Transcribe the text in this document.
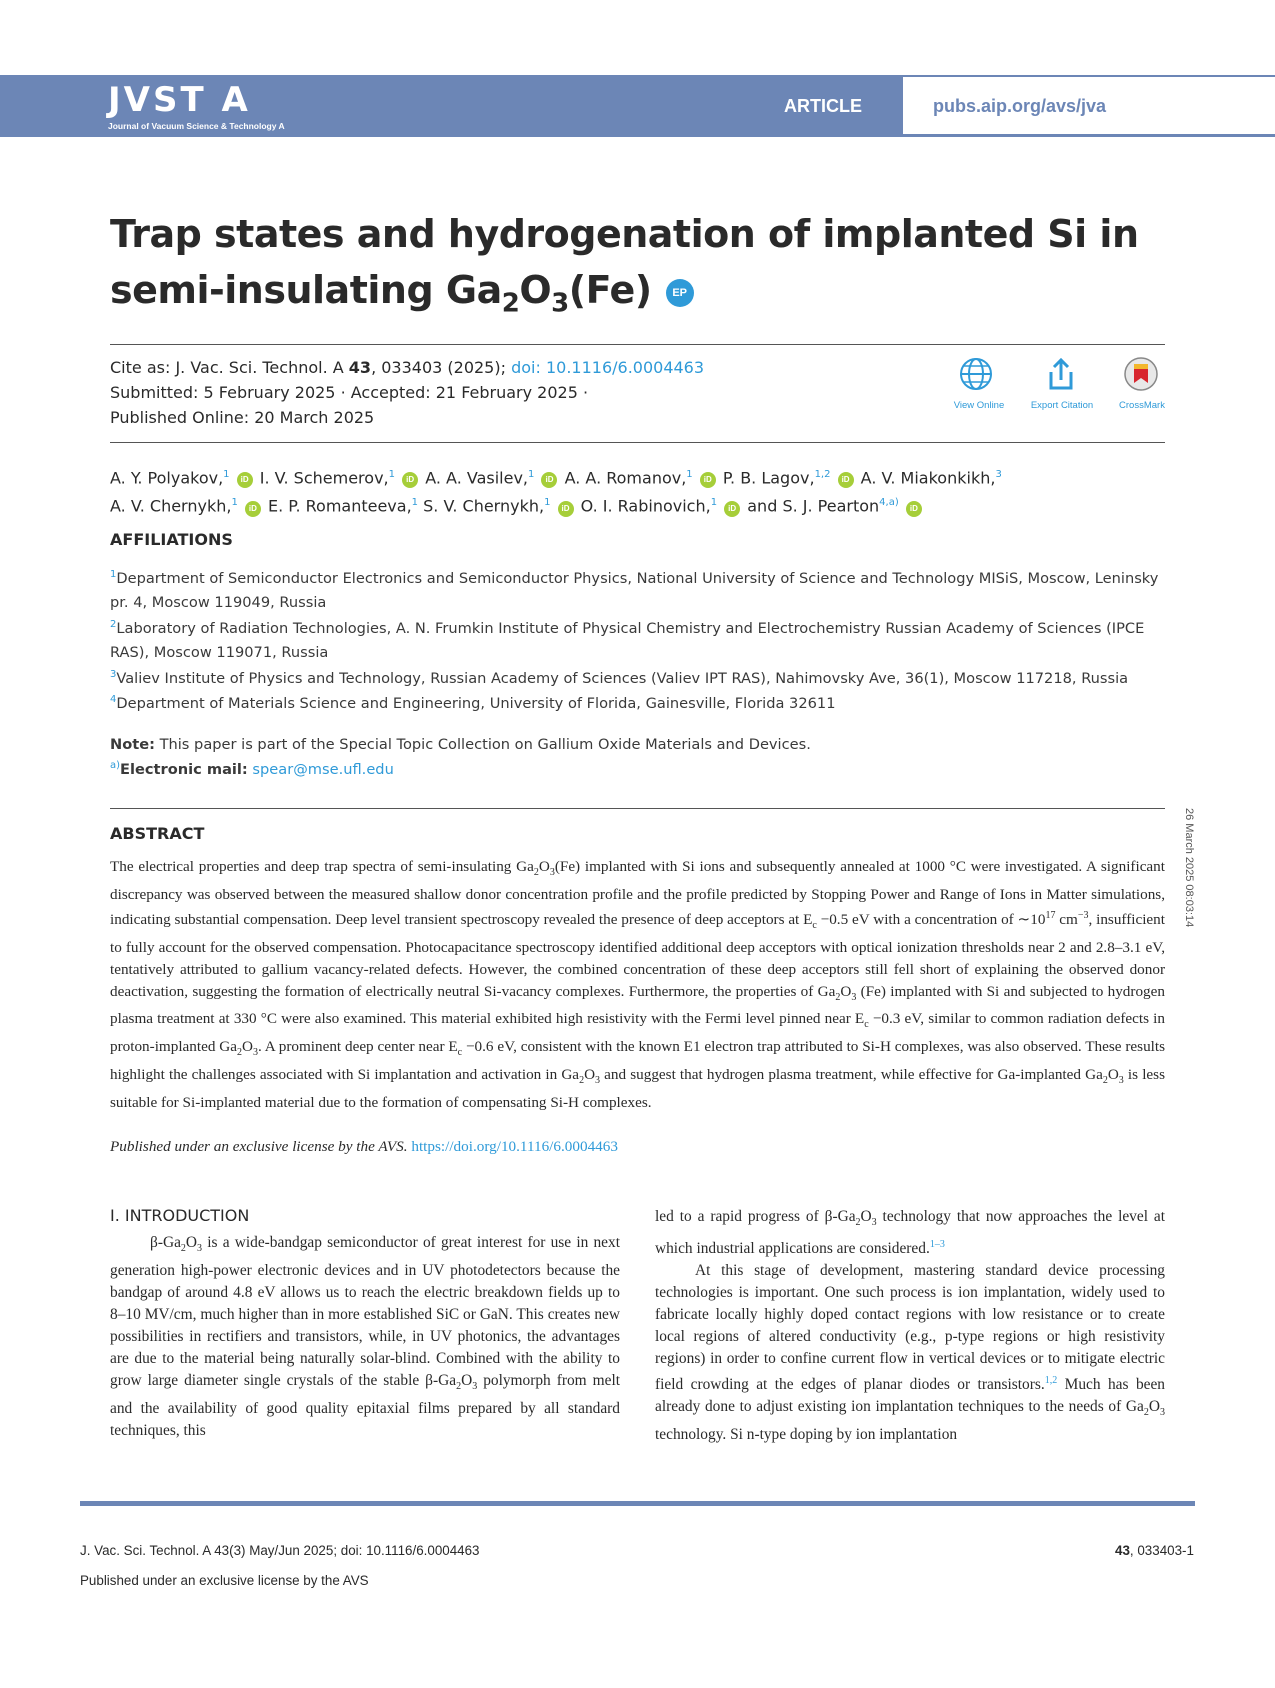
JVST A
Journal of Vacuum Science & Technology A
ARTICLE	pubs.aip.org/avs/jva
Trap states and hydrogenation of implanted Si in
semi-insulating $Ga_2O_3(Fe)$ EP
Cite as: J. Vac. Sci. Technol. A 43, 033403 (2025); doi: 10.1116/6.0004463
Submitted: 5 February 2025 · Accepted: 21 February 2025 ·
Published Online: 20 March 2025
View Online	Export Citation	CrossMark
A. Y. Polyakov,$^1$ iD I. V. Schemerov,$^1$ iD A. A. Vasilev,$^1$ iD A. A. Romanov,$^1$ iD P. B. Lagov,$^{1,2}$ iD A. V. Miakonkikh,$^3$
A. V. Chernykh,$^1$ iD E. P. Romanteeva,$^1$ S. V. Chernykh,$^1$ iD O. I. Rabinovich,$^1$ iD and S. J. Pearton$^{4,a)}$ iD
AFFILIATIONS
$^1$Department of Semiconductor Electronics and Semiconductor Physics, National University of Science and Technology MISiS, Moscow, Leninsky pr. 4, Moscow 119049, Russia
$^2$Laboratory of Radiation Technologies, A. N. Frumkin Institute of Physical Chemistry and Electrochemistry Russian Academy of Sciences (IPCE RAS), Moscow 119071, Russia
$^3$Valiev Institute of Physics and Technology, Russian Academy of Sciences (Valiev IPT RAS), Nahimovsky Ave, 36(1), Moscow 117218, Russia
$^4$Department of Materials Science and Engineering, University of Florida, Gainesville, Florida 32611
Note: This paper is part of the Special Topic Collection on Gallium Oxide Materials and Devices.
$^{a)}$Electronic mail: spear@mse.ufl.edu
26 March 2025 08:03:14
ABSTRACT
The electrical properties and deep trap spectra of semi-insulating $Ga_2O_3(Fe)$ implanted with Si ions and subsequently annealed at 1000 °C were investigated. A significant discrepancy was observed between the measured shallow donor concentration profile and the profile predicted by Stopping Power and Range of Ions in Matter simulations, indicating substantial compensation. Deep level transient spectroscopy revealed the presence of deep acceptors at $E_c -0.5$ eV with a concentration of $\sim 10^{17}$ $cm^{-3}$, insufficient to fully account for the observed compensation. Photocapacitance spectroscopy identified additional deep acceptors with optical ionization thresholds near 2 and 2.8–3.1 eV, tentatively attributed to gallium vacancy-related defects. However, the combined concentration of these deep acceptors still fell short of explaining the observed donor deactivation, suggesting the formation of electrically neutral Si-vacancy complexes. Furthermore, the properties of $Ga_2O_3$ (Fe) implanted with Si and subjected to hydrogen plasma treatment at 330 °C were also examined. This material exhibited high resistivity with the Fermi level pinned near $E_c -0.3$ eV, similar to common radiation defects in proton-implanted $Ga_2O_3$. A prominent deep center near $E_c -0.6$ eV, consistent with the known E1 electron trap attributed to Si-H complexes, was also observed. These results highlight the challenges associated with Si implantation and activation in $Ga_2O_3$ and suggest that hydrogen plasma treatment, while effective for Ga-implanted $Ga_2O_3$ is less suitable for Si-implanted material due to the formation of compensating Si-H complexes.
Published under an exclusive license by the AVS. https://doi.org/10.1116/6.0004463
I. INTRODUCTION
$\beta-Ga_2O_3$ is a wide-bandgap semiconductor of great interest for use in next generation high-power electronic devices and in UV photodetectors because the bandgap of around 4.8 eV allows us to reach the electric breakdown fields up to 8–10 MV/cm, much higher than in more established SiC or GaN. This creates new possibilities in rectifiers and transistors, while, in UV photonics, the advantages are due to the material being naturally solar-blind. Combined with the ability to grow large diameter single crystals of the stable $\beta-Ga_2O_3$ polymorph from melt and the availability of good quality epitaxial films prepared by all standard techniques, this

led to a rapid progress of $\beta-Ga_2O_3$ technology that now approaches the level at which industrial applications are considered.$^{1-3}$

At this stage of development, mastering standard device processing technologies is important. One such process is ion implantation, widely used to fabricate locally highly doped contact regions with low resistance or to create local regions of altered conductivity (e.g., p-type regions or high resistivity regions) in order to confine current flow in vertical devices or to mitigate electric field crowding at the edges of planar diodes or transistors.$^{1,2}$ Much has been already done to adjust existing ion implantation techniques to the needs of $Ga_2O_3$ technology. Si n-type doping by ion implantation

J. Vac. Sci. Technol. A 43(3) May/Jun 2025; doi: 10.1116/6.0004463	43, 033403-1
Published under an exclusive license by the AVS
